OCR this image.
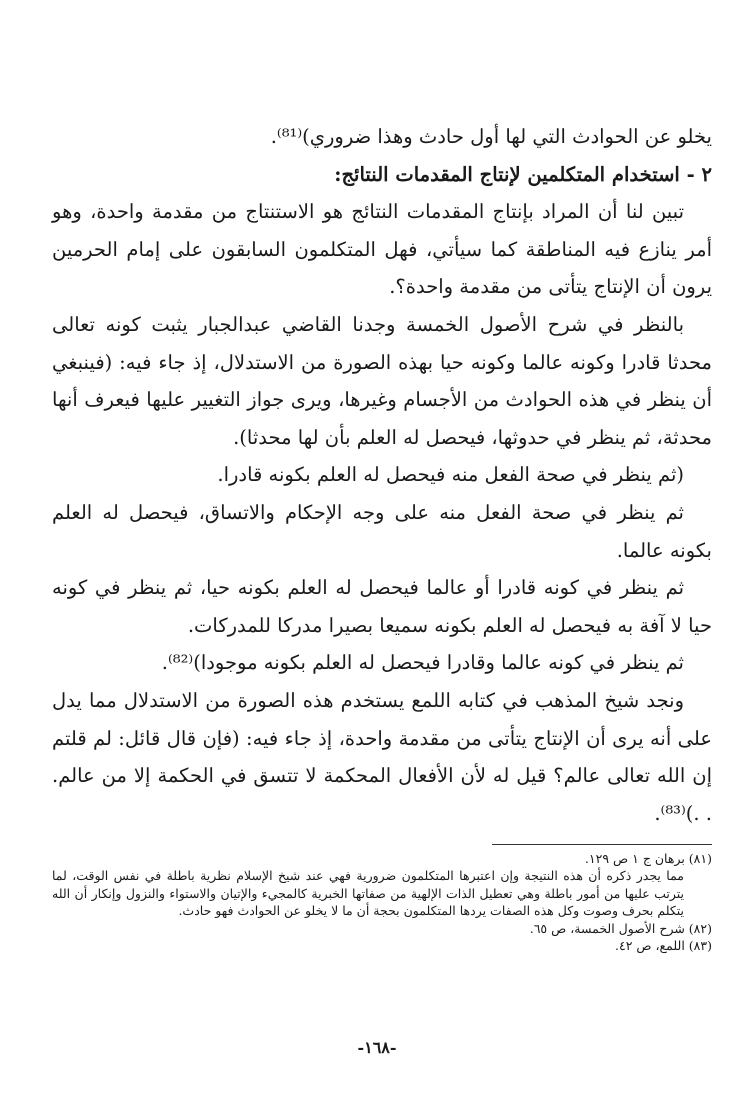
يخلو عن الحوادث التي لها أول حادث وهذا ضروري)⁽⁸¹⁾.

٢ - استخدام المتكلمين لإنتاج المقدمات النتائج:

تبين لنا أن المراد بإنتاج المقدمات النتائج هو الاستنتاج من مقدمة واحدة، وهو أمر ينازع فيه المناطقة كما سيأتي، فهل المتكلمون السابقون على إمام الحرمين يرون أن الإنتاج يتأتى من مقدمة واحدة؟.

بالنظر في شرح الأصول الخمسة وجدنا القاضي عبدالجبار يثبت كونه تعالى محدثا قادرا وكونه عالما وكونه حيا بهذه الصورة من الاستدلال، إذ جاء فيه: (فينبغي أن ينظر في هذه الحوادث من الأجسام وغيرها، ويرى جواز التغيير عليها فيعرف أنها محدثة، ثم ينظر في حدوثها، فيحصل له العلم بأن لها محدثا).

(ثم ينظر في صحة الفعل منه فيحصل له العلم بكونه قادرا.

ثم ينظر في صحة الفعل منه على وجه الإحكام والاتساق، فيحصل له العلم بكونه عالما.

ثم ينظر في كونه قادرا أو عالما فيحصل له العلم بكونه حيا، ثم ينظر في كونه حيا لا آفة به فيحصل له العلم بكونه سميعا بصيرا مدركا للمدركات.

ثم ينظر في كونه عالما وقادرا فيحصل له العلم بكونه موجودا)⁽⁸²⁾.

ونجد شيخ المذهب في كتابه اللمع يستخدم هذه الصورة من الاستدلال مما يدل على أنه يرى أن الإنتاج يتأتى من مقدمة واحدة، إذ جاء فيه: (فإن قال قائل: لم قلتم إن الله تعالى عالم؟ قيل له لأن الأفعال المحكمة لا تتسق في الحكمة إلا من عالم. . .)⁽⁸³⁾.

(٨١) برهان ج ١ ص ١٢٩.

مما يجدر ذكره أن هذه النتيجة وإن اعتبرها المتكلمون ضرورية فهي عند شيخ الإسلام نظرية باطلة في نفس الوقت، لما يترتب عليها من أمور باطلة وهي تعطيل الذات الإلهية من صفاتها الخبرية كالمجيء والإتيان والاستواء والنزول وإنكار أن الله يتكلم بحرف وصوت وكل هذه الصفات يردها المتكلمون بحجة أن ما لا يخلو عن الحوادث فهو حادث.

(٨٢) شرح الأصول الخمسة، ص ٦٥.

(٨٣) اللمع، ص ٤٢.

-١٦٨-
